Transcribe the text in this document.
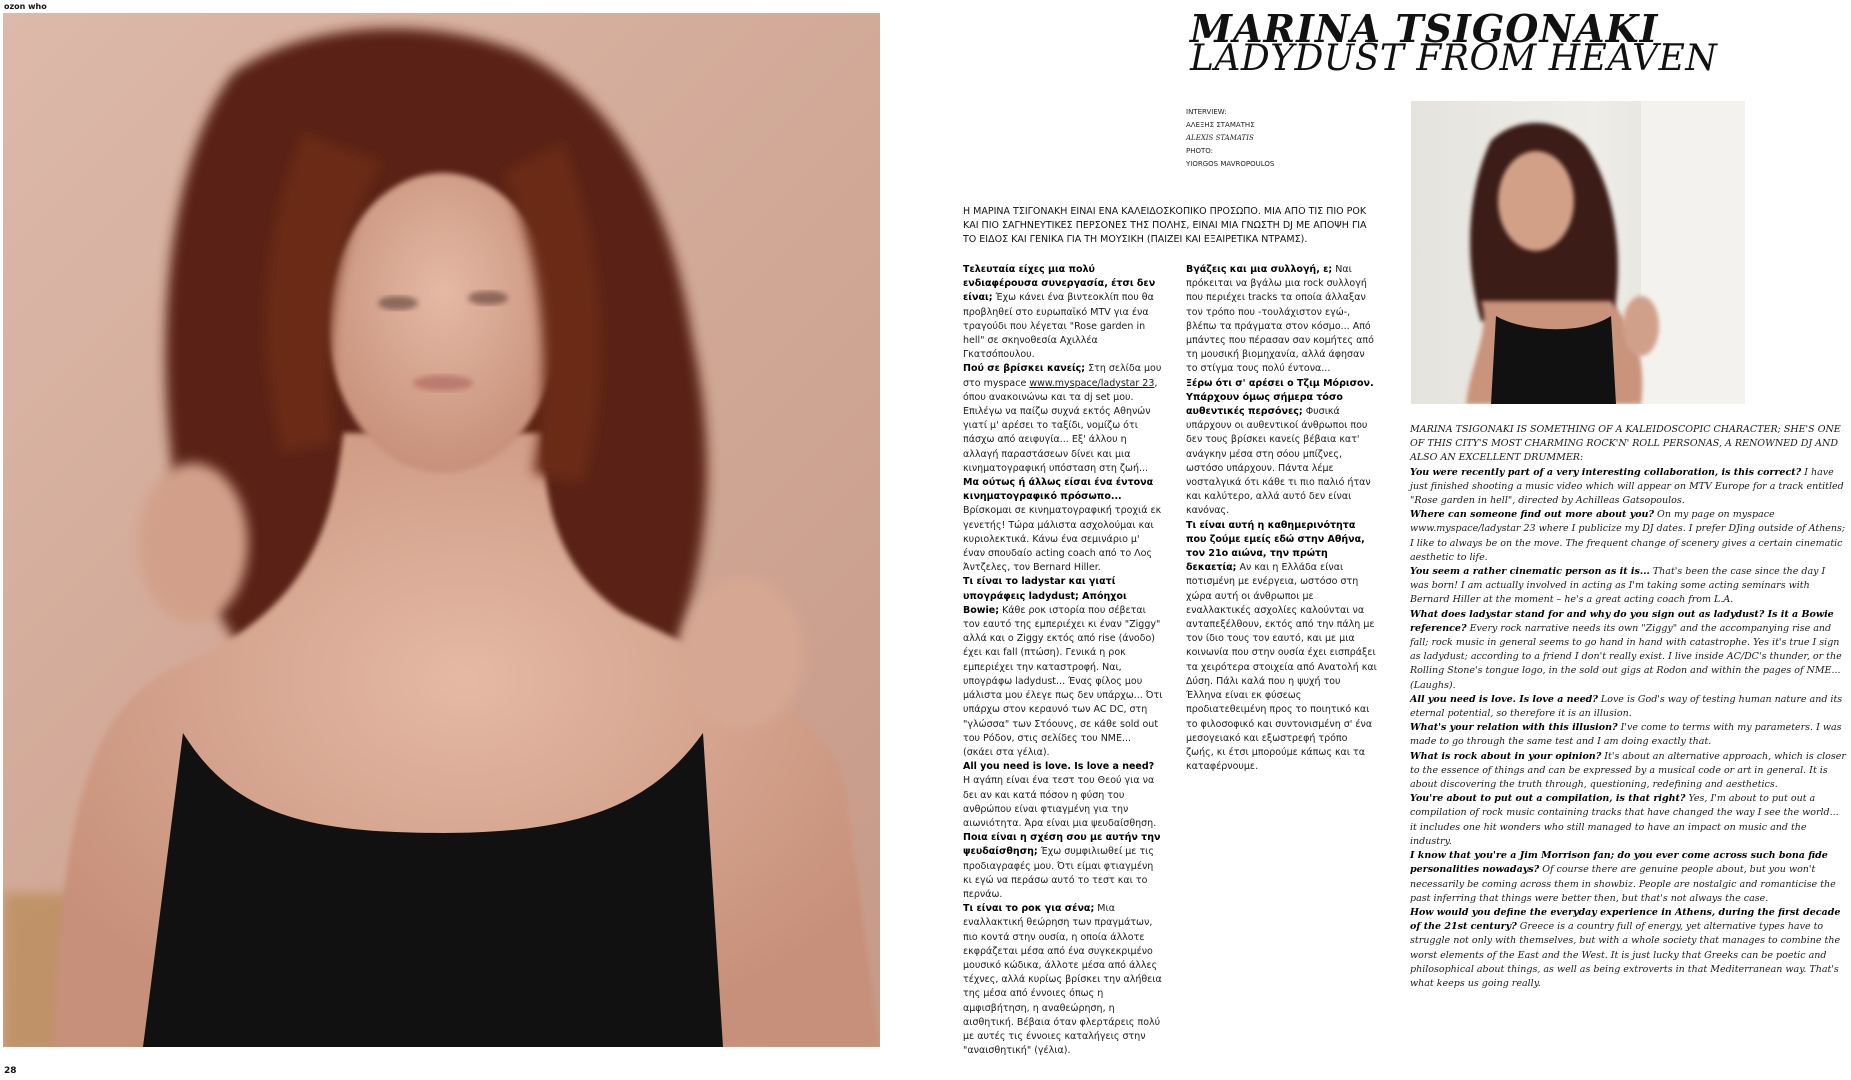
ozon who	MARINA TSIGONAKI
LADYDUST FROM HEAVEN
INTERVIEW:
ΑΛΕΞΗΣ ΣΤΑΜΑΤΗΣ
ALEXIS STAMATIS
PHOTO:
YIORGOS MAVROPOULOS
Η ΜΑΡΙΝΑ ΤΣΙΓΟΝΑΚΗ ΕΙΝΑΙ ΕΝΑ ΚΑΛΕΙΔΟΣΚΟΠΙΚΟ ΠΡΟΣΩΠΟ. ΜΙΑ ΑΠΟ ΤΙΣ ΠΙΟ ΡΟΚ ΚΑΙ ΠΙΟ ΣΑΓΗΝΕΥΤΙΚΕΣ ΠΕΡΣΟΝΕΣ ΤΗΣ ΠΟΛΗΣ, ΕΙΝΑΙ ΜΙΑ ΓΝΩΣΤΗ DJ ΜΕ ΑΠΟΨΗ ΓΙΑ ΤΟ ΕΙΔΟΣ ΚΑΙ ΓΕΝΙΚΑ ΓΙΑ ΤΗ ΜΟΥΣΙΚΗ (ΠΑΙΖΕΙ ΚΑΙ ΕΞΑΙΡΕΤΙΚΑ ΝΤΡΑΜΣ).

Τελευταία είχες μια πολύ ενδιαφέρουσα συνεργασία, έτσι δεν είναι; Έχω κάνει ένα βιντεοκλίπ που θα προβληθεί στο ευρωπαϊκό MTV για ένα τραγούδι που λέγεται "Rose garden in hell" σε σκηνοθεσία Αχιλλέα Γκατσόπουλου.

Πού σε βρίσκει κανείς; Στη σελίδα μου στο myspace www.myspace/ladystar 23, όπου ανακοινώνω και τα dj set μου. Επιλέγω να παίζω συχνά εκτός Αθηνών γιατί μ' αρέσει το ταξίδι, νομίζω ότι πάσχω από αειφυγία... Εξ' άλλου η αλλαγή παραστάσεων δίνει και μια κινηματογραφική υπόσταση στη ζωή...

Μα ούτως ή άλλως είσαι ένα έντονα κινηματογραφικό πρόσωπο... Βρίσκομαι σε κινηματογραφική τροχιά εκ γενετής! Τώρα μάλιστα ασχολούμαι και κυριολεκτικά. Κάνω ένα σεμινάριο μ' έναν σπουδαίο acting coach από το Λος Άντζελες, τον Bernard Hiller.

Τι είναι το ladystar και γιατί υπογράφεις ladydust; Απόηχοι Bowie; Κάθε ροκ ιστορία που σέβεται τον εαυτό της εμπεριέχει κι έναν "Ziggy" αλλά και ο Ziggy εκτός από rise (άνοδο) έχει και fall (πτώση). Γενικά η ροκ εμπεριέχει την καταστροφή. Ναι, υπογράφω ladydust... Ένας φίλος μου μάλιστα μου έλεγε πως δεν υπάρχω... Ότι υπάρχω στον κεραυνό των AC DC, στη "γλώσσα" των Στόουνς, σε κάθε sold out του Ρόδον, στις σελίδες του NME... (σκάει στα γέλια).

All you need is love. Is love a need? Η αγάπη είναι ένα τεστ του Θεού για να δει αν και κατά πόσον η φύση του ανθρώπου είναι φτιαγμένη για την αιωνιότητα. Άρα είναι μια ψευδαίσθηση.

Ποια είναι η σχέση σου με αυτήν την ψευδαίσθηση; Έχω συμφιλιωθεί με τις προδιαγραφές μου. Ότι είμαι φτιαγμένη κι εγώ να περάσω αυτό το τεστ και το περνάω.

Τι είναι το ροκ για σένα; Μια εναλλακτική θεώρηση των πραγμάτων, πιο κοντά στην ουσία, η οποία άλλοτε εκφράζεται μέσα από ένα συγκεκριμένο μουσικό κώδικα, άλλοτε μέσα από άλλες τέχνες, αλλά κυρίως βρίσκει την αλήθεια της μέσα από έννοιες όπως η αμφισβήτηση, η αναθεώρηση, η αισθητική. Βέβαια όταν φλερτάρεις πολύ με αυτές τις έννοιες καταλήγεις στην "αναισθητική" (γέλια).

Βγάζεις και μια συλλογή, ε; Ναι πρόκειται να βγάλω μια rock συλλογή που περιέχει tracks τα οποία άλλαξαν τον τρόπο που -τουλάχιστον εγώ-, βλέπω τα πράγματα στον κόσμο... Από μπάντες που πέρασαν σαν κομήτες από τη μουσική βιομηχανία, αλλά άφησαν το στίγμα τους πολύ έντονα...

Ξέρω ότι σ' αρέσει ο Τζιμ Μόρισον. Υπάρχουν όμως σήμερα τόσο αυθεντικές περσόνες; Φυσικά υπάρχουν οι αυθεντικοί άνθρωποι που δεν τους βρίσκει κανείς βέβαια κατ' ανάγκην μέσα στη σόου μπίζνες, ωστόσο υπάρχουν. Πάντα λέμε νοσταλγικά ότι κάθε τι πιο παλιό ήταν και καλύτερο, αλλά αυτό δεν είναι κανόνας.

Τι είναι αυτή η καθημερινότητα που ζούμε εμείς εδώ στην Αθήνα, τον 21ο αιώνα, την πρώτη δεκαετία; Αν και η Ελλάδα είναι ποτισμένη με ενέργεια, ωστόσο στη χώρα αυτή οι άνθρωποι με εναλλακτικές ασχολίες καλούνται να ανταπεξέλθουν, εκτός από την πάλη με τον ίδιο τους τον εαυτό, και με μια κοινωνία που στην ουσία έχει εισπράξει τα χειρότερα στοιχεία από Ανατολή και Δύση. Πάλι καλά που η ψυχή του Έλληνα είναι εκ φύσεως προδιατεθειμένη προς το ποιητικό και το φιλοσοφικό και συντονισμένη σ' ένα μεσογειακό και εξωστρεφή τρόπο ζωής, κι έτσι μπορούμε κάπως και τα καταφέρνουμε.

MARINA TSIGONAKI IS SOMETHING OF A KALEIDOSCOPIC CHARACTER; SHE'S ONE OF THIS CITY'S MOST CHARMING ROCK'N' ROLL PERSONAS, A RENOWNED DJ AND ALSO AN EXCELLENT DRUMMER:

You were recently part of a very interesting collaboration, is this correct? I have just finished shooting a music video which will appear on MTV Europe for a track entitled "Rose garden in hell", directed by Achilleas Gatsopoulos.

Where can someone find out more about you? On my page on myspace www.myspace/ladystar 23 where I publicize my DJ dates. I prefer DJing outside of Athens; I like to always be on the move. The frequent change of scenery gives a certain cinematic aesthetic to life.

You seem a rather cinematic person as it is... That's been the case since the day I was born! I am actually involved in acting as I'm taking some acting seminars with Bernard Hiller at the moment – he's a great acting coach from L.A.

What does ladystar stand for and why do you sign out as ladydust? Is it a Bowie reference? Every rock narrative needs its own "Ziggy" and the accompanying rise and fall; rock music in general seems to go hand in hand with catastrophe. Yes it's true I sign as ladydust; according to a friend I don't really exist. I live inside AC/DC's thunder, or the Rolling Stone's tongue logo, in the sold out gigs at Rodon and within the pages of NME... (Laughs).

All you need is love. Is love a need? Love is God's way of testing human nature and its eternal potential, so therefore it is an illusion.

What's your relation with this illusion? I've come to terms with my parameters. I was made to go through the same test and I am doing exactly that.

What is rock about in your opinion? It's about an alternative approach, which is closer to the essence of things and can be expressed by a musical code or art in general. It is about discovering the truth through, questioning, redefining and aesthetics.

You're about to put out a compilation, is that right? Yes, I'm about to put out a compilation of rock music containing tracks that have changed the way I see the world... it includes one hit wonders who still managed to have an impact on music and the industry.

I know that you're a Jim Morrison fan; do you ever come across such bona fide personalities nowadays? Of course there are genuine people about, but you won't necessarily be coming across them in showbiz. People are nostalgic and romanticise the past inferring that things were better then, but that's not always the case.

How would you define the everyday experience in Athens, during the first decade of the 21st century? Greece is a country full of energy, yet alternative types have to struggle not only with themselves, but with a whole society that manages to combine the worst elements of the East and the West. It is just lucky that Greeks can be poetic and philosophical about things, as well as being extroverts in that Mediterranean way. That's what keeps us going really.

28
